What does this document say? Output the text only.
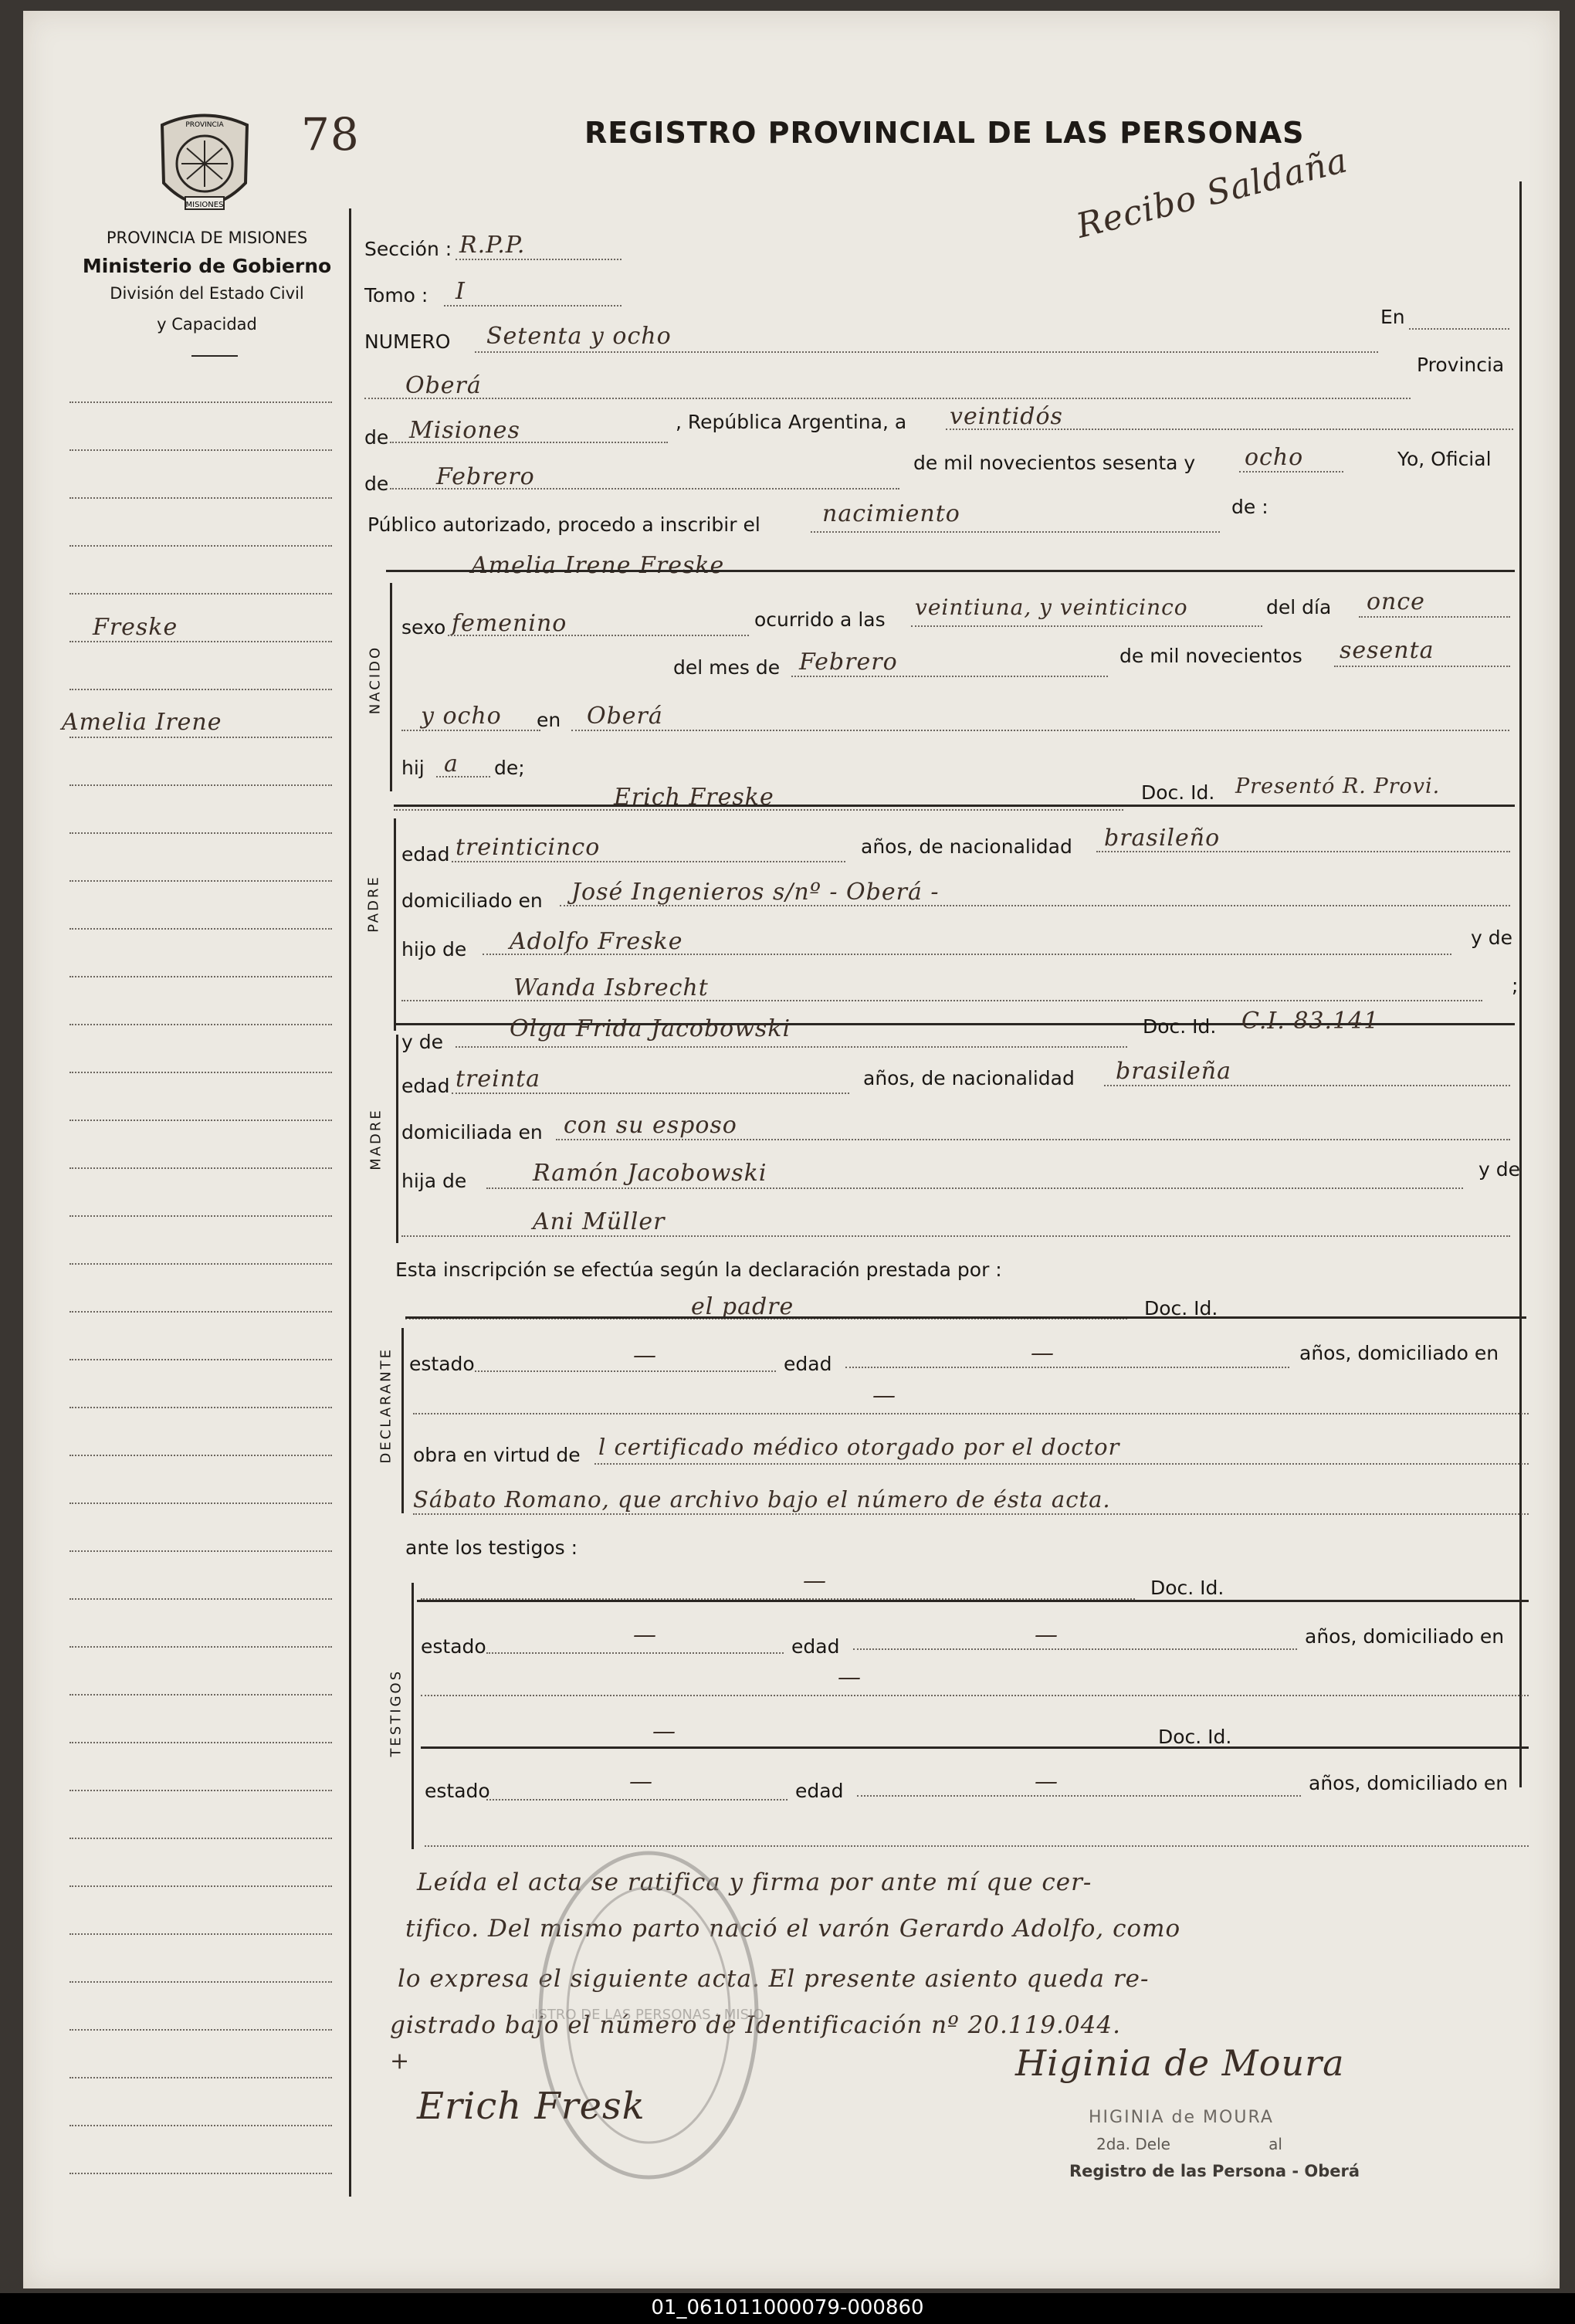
MISIONES
PROVINCIA 78	REGISTRO PROVINCIAL DE LAS PERSONAS
Recibo Saldaña
PROVINCIA DE MISIONES
Ministerio de Gobierno
División del Estado Civil
y Capacidad
Freske
Amelia Irene
Sección : R.P.P.
Tomo : I
NUMERO Setenta y ocho
En
Oberá
Provincia
de Misiones	, República Argentina, a veintidós
de Febrero
de mil novecientos sesenta y ocho	Yo, Oficial
Público autorizado, procedo a inscribir el	nacimiento	de :
Amelia Irene Freske
NACIDO
sexo femenino	ocurrido a las veintiuna, y veinticinco	del día once
del mes de Febrero	de mil novecientos sesenta
y ocho en Oberá
hij a de;
Erich Freske	Doc. Id. Presentó R. Provi.
PADRE
edad treinticinco	años, de nacionalidad brasileño
domiciliado en José Ingenieros s/nº - Oberá -
hijo de Adolfo Freske	y de
Wanda Isbrecht	;
y de	Olga Frida Jacobowski	Doc. Id. C.I. 83.141
MADRE
edad treinta	años, de nacionalidad brasileña
domiciliada en con su esposo
hija de	Ramón Jacobowski	y de
Ani Müller
Esta inscripción se efectúa según la declaración prestada por :
el padre	Doc. Id.
DECLARANTE estado	—	edad	—	años, domiciliado en
—
obra en virtud de l certificado médico otorgado por el doctor
Sábato Romano, que archivo bajo el número de ésta acta.
ante los testigos :
—	Doc. Id.
TESTIGOS
estado	—	edad	—	años, domiciliado en
—
—	Doc. Id.
estado	—	edad	—	años, domiciliado en
Leída el acta se ratifica y firma por ante mí que cer-
tifico. Del mismo parto nació el varón Gerardo Adolfo, como
lo expresa el siguiente acta. El presente asiento queda re-
gistrado bajo el número de Identificación nº 20.119.044.
ISTRO DE LAS PERSONAS · MISIO
+
Erich Fresk
Higinia de Moura
HIGINIA de MOURA
2da. Dele                    al
Registro de las Persona - Oberá
01_061011000079-000860
